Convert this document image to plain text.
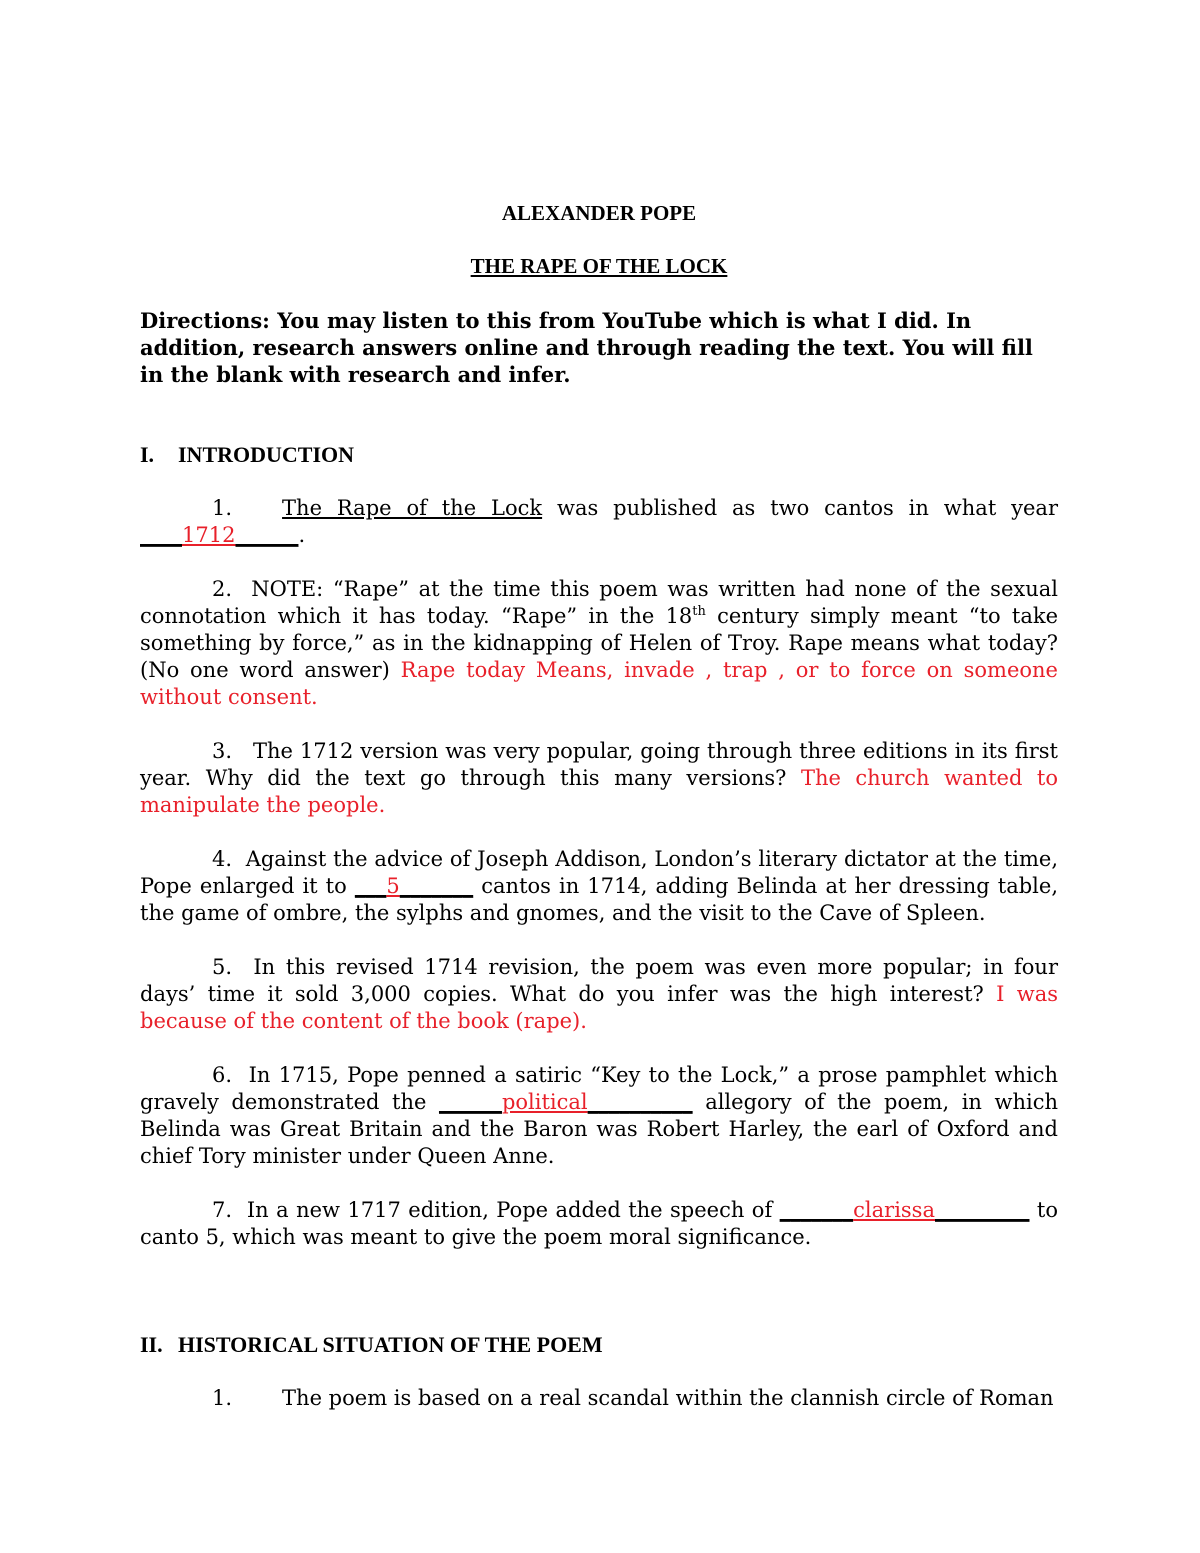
ALEXANDER POPE
THE RAPE OF THE LOCK
Directions: You may listen to this from YouTube which is what I did. In addition, research answers online and through reading the text. You will fill in the blank with research and infer.
I.	INTRODUCTION

1. The Rape of the Lock was published as two cantos in what year ____1712______.

2. NOTE: “Rape” at the time this poem was written had none of the sexual connotation which it has today. “Rape” in the 18th century simply meant “to take something by force,” as in the kidnapping of Helen of Troy. Rape means what today? (No one word answer) Rape today Means, invade , trap , or to force on someone without consent.

3. The 1712 version was very popular, going through three editions in its first year. Why did the text go through this many versions? The church wanted to manipulate the people.

4. Against the advice of Joseph Addison, London’s literary dictator at the time, Pope enlarged it to ___5_______ cantos in 1714, adding Belinda at her dressing table, the game of ombre, the sylphs and gnomes, and the visit to the Cave of Spleen.

5. In this revised 1714 revision, the poem was even more popular; in four days’ time it sold 3,000 copies. What do you infer was the high interest? I was because of the content of the book (rape).

6. In 1715, Pope penned a satiric “Key to the Lock,” a prose pamphlet which gravely demonstrated the ______political__________ allegory of the poem, in which Belinda was Great Britain and the Baron was Robert Harley, the earl of Oxford and chief Tory minister under Queen Anne.

7. In a new 1717 edition, Pope added the speech of _______clarissa_________ to canto 5, which was meant to give the poem moral significance.

II. HISTORICAL SITUATION OF THE POEM

1. The poem is based on a real scandal within the clannish circle of Roman
